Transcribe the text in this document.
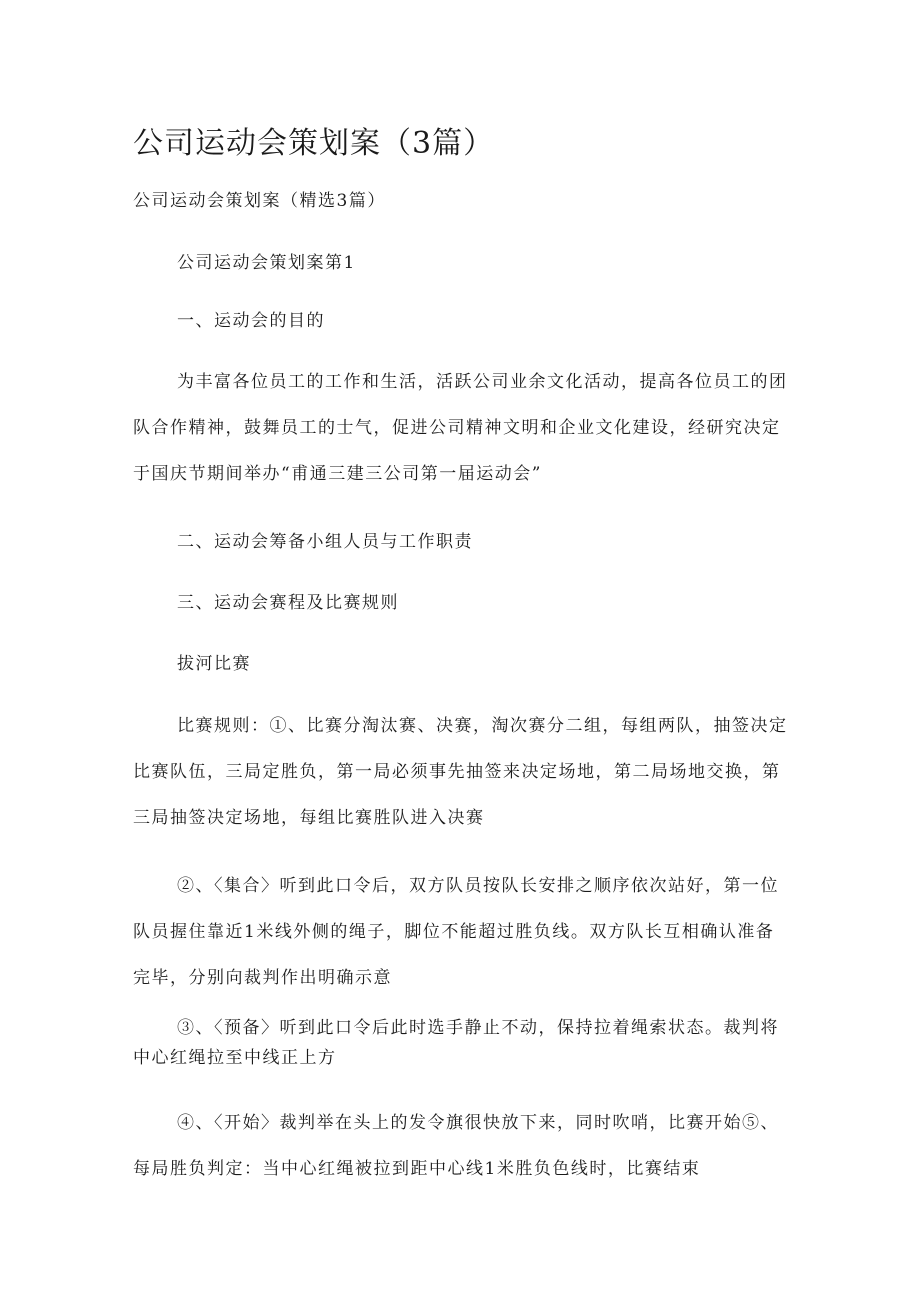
公司运动会策划案（3篇）

公司运动会策划案（精选3篇）

公司运动会策划案第1

一、运动会的目的

为丰富各位员工的工作和生活，活跃公司业余文化活动，提高各位员工的团队合作精神，鼓舞员工的士气，促进公司精神文明和企业文化建设，经研究决定于国庆节期间举办“甫通三建三公司第一届运动会”

二、运动会筹备小组人员与工作职责

三、运动会赛程及比赛规则

拔河比赛

比赛规则：①、比赛分淘汰赛、决赛，淘次赛分二组，每组两队，抽签决定比赛队伍，三局定胜负，第一局必须事先抽签来决定场地，第二局场地交换，第三局抽签决定场地，每组比赛胜队进入决赛

②、〈集合〉听到此口令后，双方队员按队长安排之顺序依次站好，第一位队员握住靠近1米线外侧的绳子，脚位不能超过胜负线。双方队长互相确认准备完毕，分别向裁判作出明确示意

③、〈预备〉听到此口令后此时选手静止不动，保持拉着绳索状态。裁判将中心红绳拉至中线正上方

④、〈开始〉裁判举在头上的发令旗很快放下来，同时吹哨，比赛开始⑤、每局胜负判定：当中心红绳被拉到距中心线1米胜负色线时，比赛结束
